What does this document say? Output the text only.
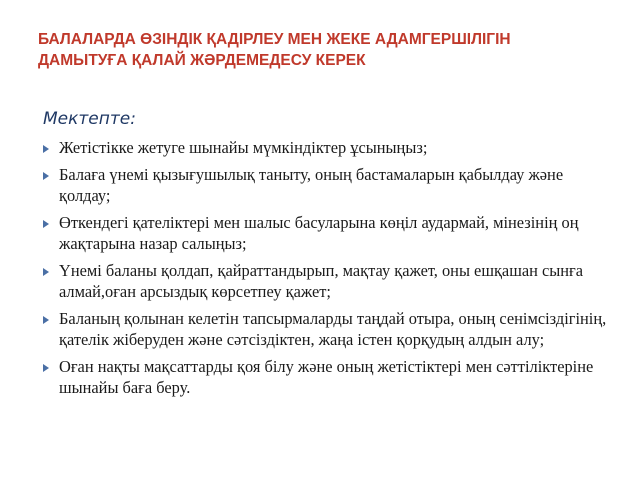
БАЛАЛАРДА ӨЗІНДІК ҚАДІРЛЕУ МЕН ЖЕКЕ АДАМГЕРШІЛІГІН
ДАМЫТУҒА ҚАЛАЙ ЖӘРДЕМЕДЕСУ КЕРЕК

Мектепте:

Жетістікке жетуге шынайы мүмкіндіктер ұсыныңыз;
Балаға үнемі қызығушылық таныту, оның бастамаларын қабылдау және қолдау;
Өткендегі қателіктері мен шалыс басуларына көңіл аудармай, мінезінің оң жақтарына назар салыңыз;
Үнемі баланы қолдап, қайраттандырып, мақтау қажет, оны ешқашан сынға алмай,оған арсыздық көрсетпеу қажет;
Баланың қолынан келетін тапсырмаларды таңдай отыра, оның сенімсіздігінің, қателік жіберуден және сәтсіздіктен, жаңа істен қорқудың алдын алу;
Оған нақты мақсаттарды қоя білу және оның жетістіктері мен сәттіліктеріне шынайы баға беру.
